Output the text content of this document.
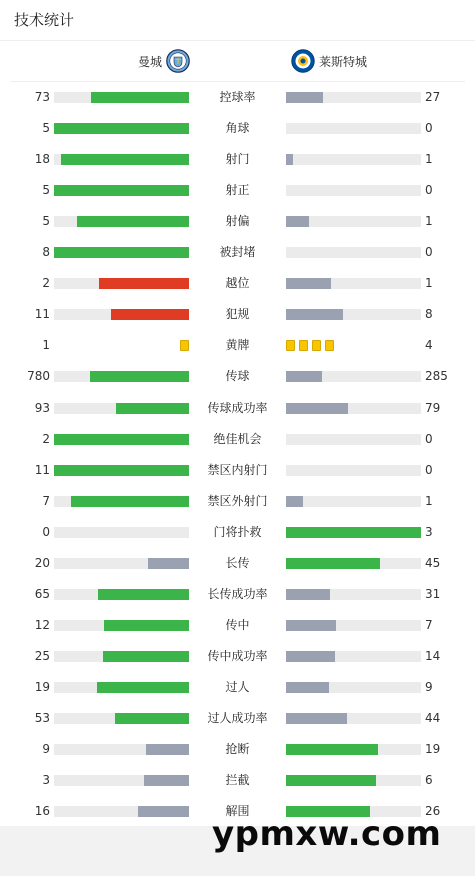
技术统计
曼城	莱斯特城
73	控球率	27
5	角球	0
18	射门	1
5	射正	0
5	射偏	1
8	被封堵	0
2	越位	1
11	犯规	8
1	黄牌	4
780	传球	285
93	传球成功率	79
2	绝佳机会	0
11	禁区内射门	0
7	禁区外射门	1
0	门将扑救	3
20	长传	45
65	长传成功率	31
12	传中	7
25	传中成功率	14
19	过人	9
53	过人成功率	44
9	抢断	19
3	拦截	6
16	解围	26
ypmxw.com
